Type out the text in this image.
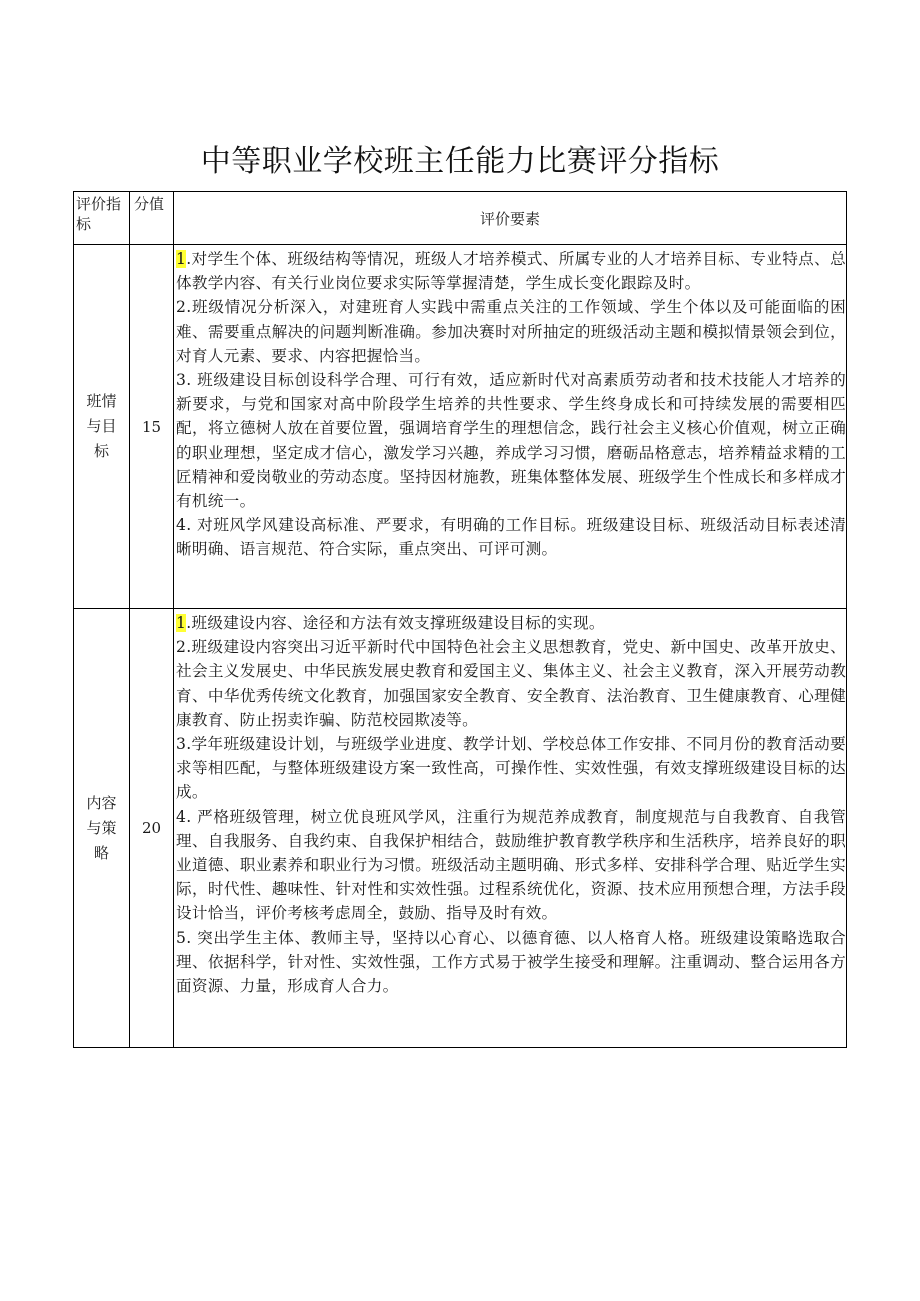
中等职业学校班主任能力比赛评分指标
评价指标	分值	评价要素
班情与目标	15	1.对学生个体、班级结构等情况，班级人才培养模式、所属专业的人才培养目标、专业特点、总体教学内容、有关行业岗位要求实际等掌握清楚，学生成长变化跟踪及时。

2.班级情况分析深入，对建班育人实践中需重点关注的工作领域、学生个体以及可能面临的困难、需要重点解决的问题判断准确。参加决赛时对所抽定的班级活动主题和模拟情景领会到位，对育人元素、要求、内容把握恰当。

3. 班级建设目标创设科学合理、可行有效，适应新时代对高素质劳动者和技术技能人才培养的新要求，与党和国家对高中阶段学生培养的共性要求、学生终身成长和可持续发展的需要相匹配，将立德树人放在首要位置，强调培育学生的理想信念，践行社会主义核心价值观，树立正确的职业理想，坚定成才信心，激发学习兴趣，养成学习习惯，磨砺品格意志，培养精益求精的工匠精神和爱岗敬业的劳动态度。坚持因材施教，班集体整体发展、班级学生个性成长和多样成才有机统一。

4. 对班风学风建设高标准、严要求，有明确的工作目标。班级建设目标、班级活动目标表述清晰明确、语言规范、符合实际，重点突出、可评可测。

内容与策略	20	1.班级建设内容、途径和方法有效支撑班级建设目标的实现。

2.班级建设内容突出习近平新时代中国特色社会主义思想教育，党史、新中国史、改革开放史、社会主义发展史、中华民族发展史教育和爱国主义、集体主义、社会主义教育，深入开展劳动教育、中华优秀传统文化教育，加强国家安全教育、安全教育、法治教育、卫生健康教育、心理健康教育、防止拐卖诈骗、防范校园欺凌等。

3.学年班级建设计划，与班级学业进度、教学计划、学校总体工作安排、不同月份的教育活动要求等相匹配，与整体班级建设方案一致性高，可操作性、实效性强，有效支撑班级建设目标的达成。

4. 严格班级管理，树立优良班风学风，注重行为规范养成教育，制度规范与自我教育、自我管理、自我服务、自我约束、自我保护相结合，鼓励维护教育教学秩序和生活秩序，培养良好的职业道德、职业素养和职业行为习惯。班级活动主题明确、形式多样、安排科学合理、贴近学生实际，时代性、趣味性、针对性和实效性强。过程系统优化，资源、技术应用预想合理，方法手段设计恰当，评价考核考虑周全，鼓励、指导及时有效。

5. 突出学生主体、教师主导，坚持以心育心、以德育德、以人格育人格。班级建设策略选取合理、依据科学，针对性、实效性强，工作方式易于被学生接受和理解。注重调动、整合运用各方面资源、力量，形成育人合力。
